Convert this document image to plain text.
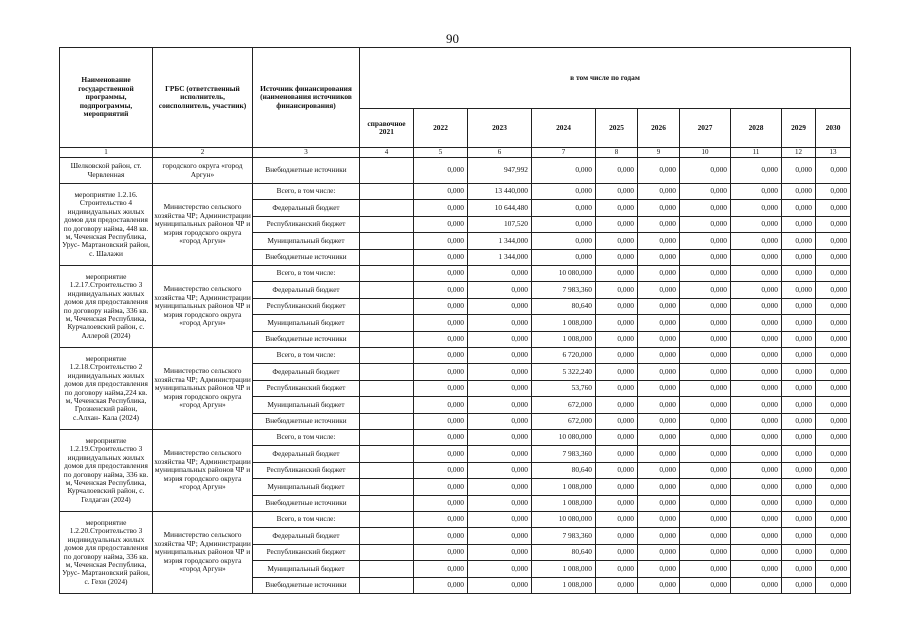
90
Наименование государственной программы, подпрограммы, мероприятий	ГРБС (ответственный исполнитель, соисполнитель, участник)	Источник финансирования (наименования источников финансирования)	в том числе по годам									
			справочное 2021	2022	2023	2024	2025	2026	2027	2028	2029	2030
1	2	3	4	5	6	7	8	9	10	11	12	13
Шелковской район, ст. Червленная	городского округа «город Аргун»	Внебюджетные источники		0,000	947,992	0,000	0,000	0,000	0,000	0,000	0,000	0,000
мероприятие 1.2.16. Строительство 4 индивидуальных жилых домов для предоставления по договору найма, 448 кв. м, Чеченская Республика, Урус- Мартановский район, с. Шалажи	Министерство сельского хозяйства ЧР; Администрации муниципальных районов ЧР и мэрия городского округа «город Аргун»	Всего, в том числе:		0,000	13 440,000	0,000	0,000	0,000	0,000	0,000	0,000	0,000
		Федеральный бюджет		0,000	10 644,480	0,000	0,000	0,000	0,000	0,000	0,000	0,000
		Республиканский бюджет		0,000	107,520	0,000	0,000	0,000	0,000	0,000	0,000	0,000
		Муниципальный бюджет		0,000	1 344,000	0,000	0,000	0,000	0,000	0,000	0,000	0,000
		Внебюджетные источники		0,000	1 344,000	0,000	0,000	0,000	0,000	0,000	0,000	0,000
мероприятие 1.2.17.Строительство 3 индивидуальных жилых домов для предоставления по договору найма, 336 кв. м, Чеченская Республика, Курчалоевский район, с. Аллерой (2024)	Министерство сельского хозяйства ЧР; Администрации муниципальных районов ЧР и мэрия городского округа «город Аргун»	Всего, в том числе:		0,000	0,000	10 080,000	0,000	0,000	0,000	0,000	0,000	0,000
		Федеральный бюджет		0,000	0,000	7 983,360	0,000	0,000	0,000	0,000	0,000	0,000
		Республиканский бюджет		0,000	0,000	80,640	0,000	0,000	0,000	0,000	0,000	0,000
		Муниципальный бюджет		0,000	0,000	1 008,000	0,000	0,000	0,000	0,000	0,000	0,000
		Внебюджетные источники		0,000	0,000	1 008,000	0,000	0,000	0,000	0,000	0,000	0,000
мероприятие 1.2.18.Строительство 2 индивидуальных жилых домов для предоставления по договору найма,224 кв. м, Чеченская Республика, Грозненский район, с.Алхан- Кала (2024)	Министерство сельского хозяйства ЧР; Администрации муниципальных районов ЧР и мэрия городского округа «город Аргун»	Всего, в том числе:		0,000	0,000	6 720,000	0,000	0,000	0,000	0,000	0,000	0,000
		Федеральный бюджет		0,000	0,000	5 322,240	0,000	0,000	0,000	0,000	0,000	0,000
		Республиканский бюджет		0,000	0,000	53,760	0,000	0,000	0,000	0,000	0,000	0,000
		Муниципальный бюджет		0,000	0,000	672,000	0,000	0,000	0,000	0,000	0,000	0,000
		Внебюджетные источники		0,000	0,000	672,000	0,000	0,000	0,000	0,000	0,000	0,000
мероприятие 1.2.19.Строительство 3 индивидуальных жилых домов для предоставления по договору найма, 336 кв. м, Чеченская Республика, Курчалоевский район, с. Гелдаган (2024)	Министерство сельского хозяйства ЧР; Администрации муниципальных районов ЧР и мэрия городского округа «город Аргун»	Всего, в том числе:		0,000	0,000	10 080,000	0,000	0,000	0,000	0,000	0,000	0,000
		Федеральный бюджет		0,000	0,000	7 983,360	0,000	0,000	0,000	0,000	0,000	0,000
		Республиканский бюджет		0,000	0,000	80,640	0,000	0,000	0,000	0,000	0,000	0,000
		Муниципальный бюджет		0,000	0,000	1 008,000	0,000	0,000	0,000	0,000	0,000	0,000
		Внебюджетные источники		0,000	0,000	1 008,000	0,000	0,000	0,000	0,000	0,000	0,000
мероприятие 1.2.20.Строительство 3 индивидуальных жилых домов для предоставления по договору найма, 336 кв. м, Чеченская Республика, Урус- Мартановский район, с. Гехи (2024)	Министерство сельского хозяйства ЧР; Администрации муниципальных районов ЧР и мэрия городского округа «город Аргун»	Всего, в том числе:		0,000	0,000	10 080,000	0,000	0,000	0,000	0,000	0,000	0,000
		Федеральный бюджет		0,000	0,000	7 983,360	0,000	0,000	0,000	0,000	0,000	0,000
		Республиканский бюджет		0,000	0,000	80,640	0,000	0,000	0,000	0,000	0,000	0,000
		Муниципальный бюджет		0,000	0,000	1 008,000	0,000	0,000	0,000	0,000	0,000	0,000
		Внебюджетные источники		0,000	0,000	1 008,000	0,000	0,000	0,000	0,000	0,000	0,000
